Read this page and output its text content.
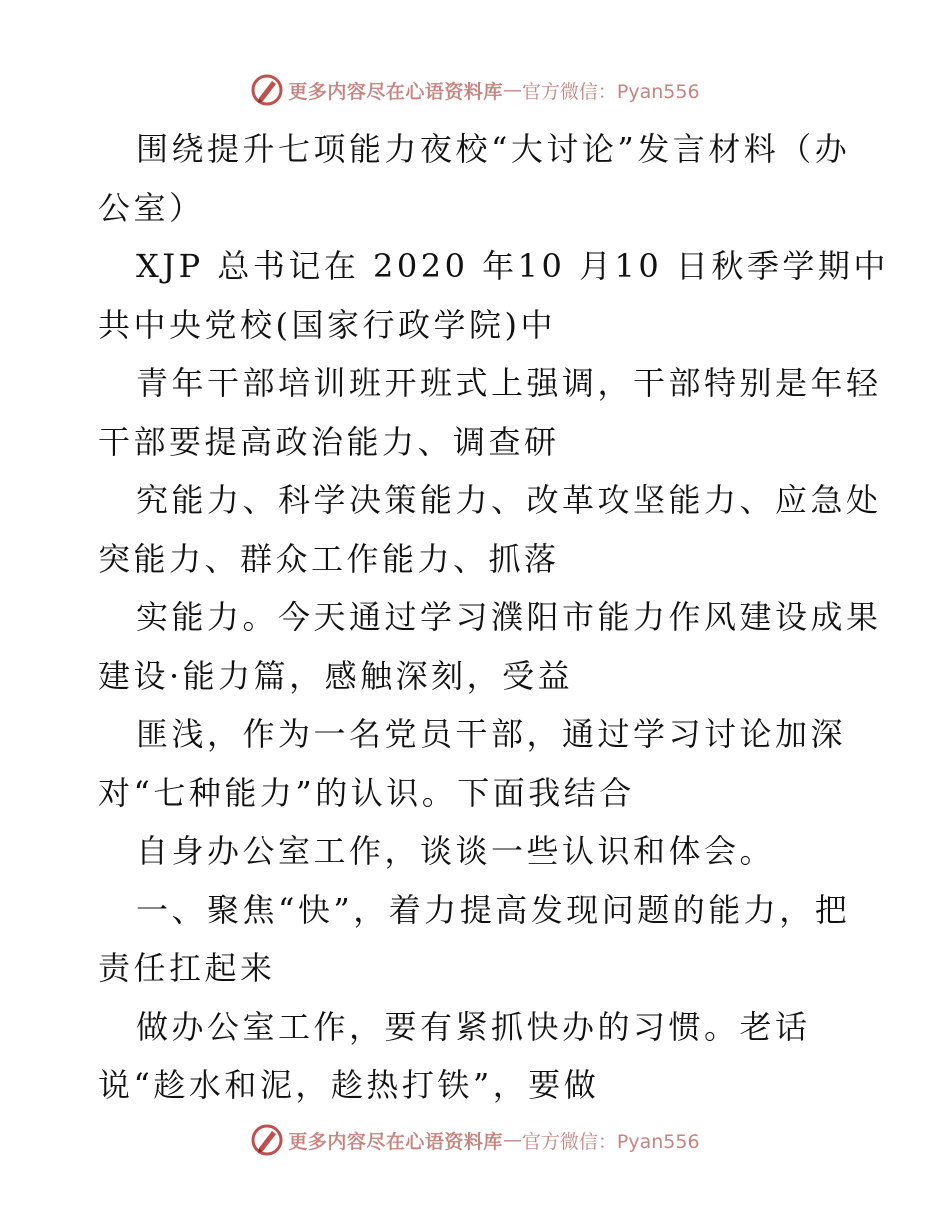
更多内容尽在心语资料库 — 官方微信：Pyan556
围绕提升七项能力夜校“大讨论”发言材料（办
公室）
XJP 总书记在 2020 年10 月10 日秋季学期中
共中央党校(国家行政学院)中
青年干部培训班开班式上强调，干部特别是年轻
干部要提高政治能力、调查研
究能力、科学决策能力、改革攻坚能力、应急处
突能力、群众工作能力、抓落
实能力。今天通过学习濮阳市能力作风建设成果
建设·能力篇，感触深刻，受益
匪浅，作为一名党员干部，通过学习讨论加深
对“七种能力”的认识。下面我结合
自身办公室工作，谈谈一些认识和体会。
一、聚焦“快”，着力提高发现问题的能力，把
责任扛起来
做办公室工作，要有紧抓快办的习惯。老话
说“趁水和泥，趁热打铁”，要做
更多内容尽在心语资料库 — 官方微信：Pyan556
